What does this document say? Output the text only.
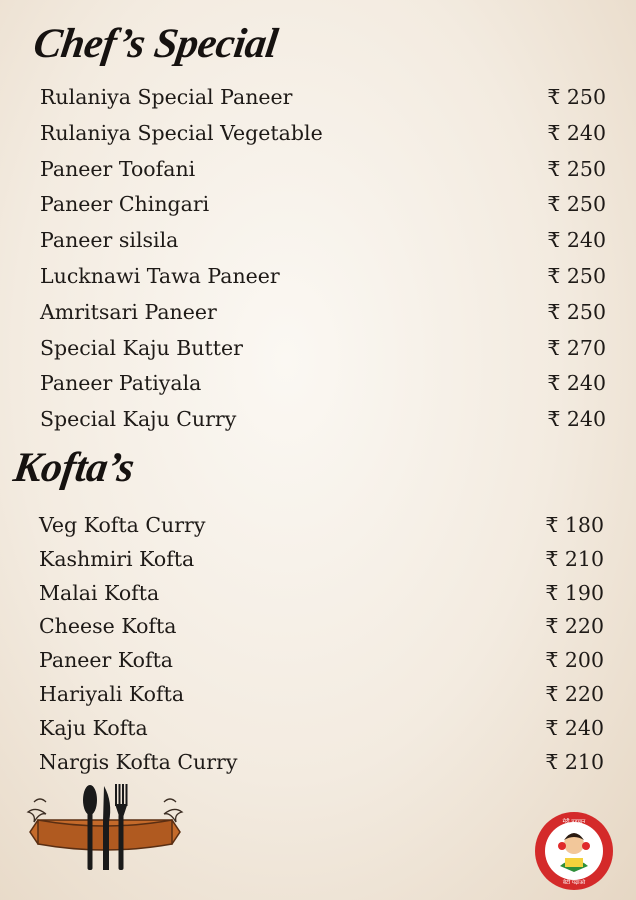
Chef’s Special
Rulaniya Special Paneer	₹ 250
Rulaniya Special Vegetable	₹ 240
Paneer Toofani	₹ 250
Paneer Chingari	₹ 250
Paneer silsila	₹ 240
Lucknawi Tawa Paneer	₹ 250
Amritsari Paneer	₹ 250
Special Kaju Butter	₹ 270
Paneer Patiyala	₹ 240
Special Kaju Curry	₹ 240
Kofta’s
Veg Kofta Curry	₹ 180
Kashmiri Kofta	₹ 210
Malai Kofta	₹ 190
Cheese Kofta	₹ 220
Paneer Kofta	₹ 200
Hariyali Kofta	₹ 220
Kaju Kofta	₹ 240
Nargis Kofta Curry	₹ 210
मेरी पहचान
बेटी पढ़ाओ
